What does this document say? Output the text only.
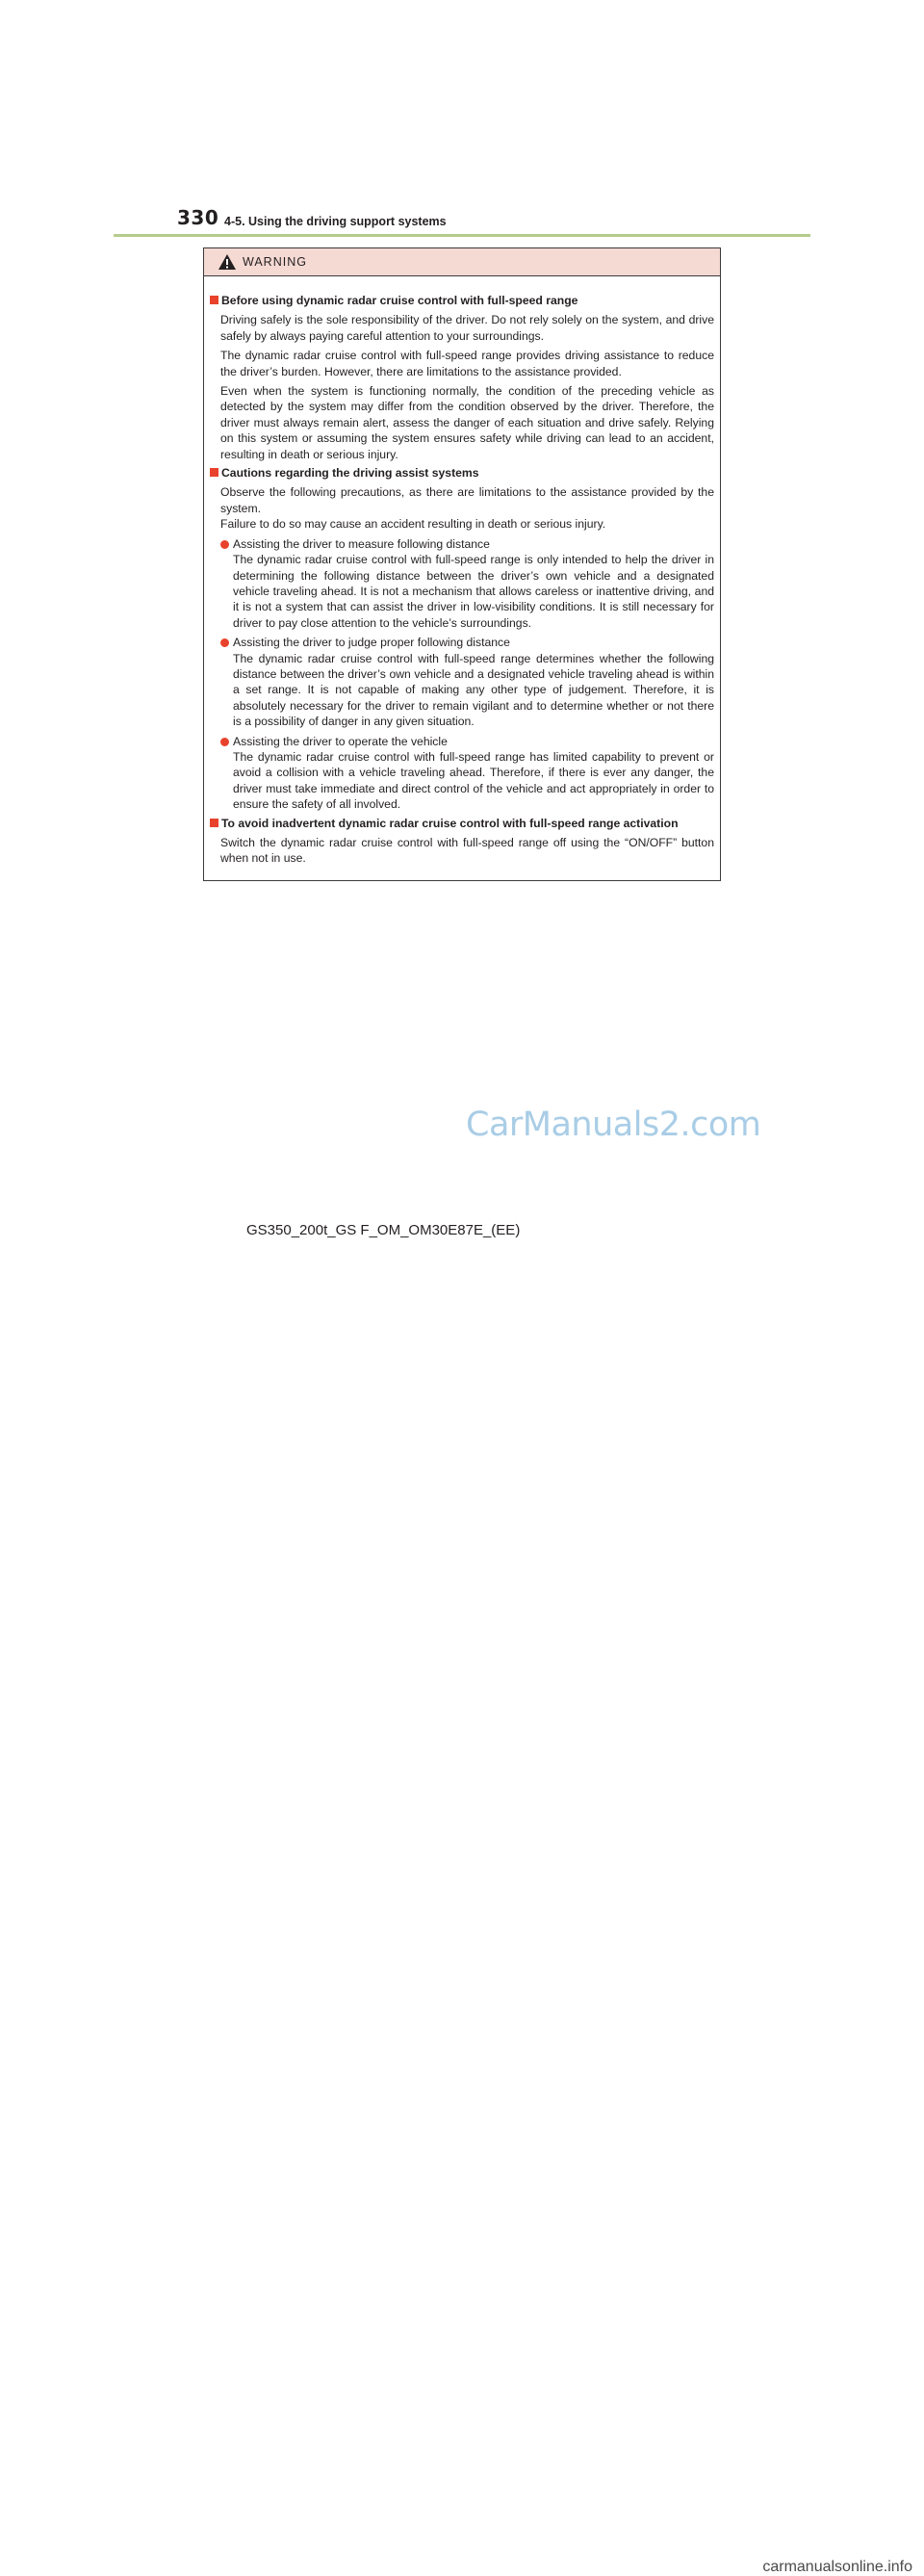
330 4-5. Using the driving support systems
WARNING
Before using dynamic radar cruise control with full-speed range
Driving safely is the sole responsibility of the driver. Do not rely solely on the system, and drive safely by always paying careful attention to your surroundings.
The dynamic radar cruise control with full-speed range provides driving assistance to reduce the driver’s burden. However, there are limitations to the assistance provided.
Even when the system is functioning normally, the condition of the preceding vehicle as detected by the system may differ from the condition observed by the driver. Therefore, the driver must always remain alert, assess the danger of each situation and drive safely. Relying on this system or assuming the system ensures safety while driving can lead to an accident, resulting in death or serious injury.
Cautions regarding the driving assist systems
Observe the following precautions, as there are limitations to the assistance provided by the system.
Failure to do so may cause an accident resulting in death or serious injury.
Assisting the driver to measure following distance
The dynamic radar cruise control with full-speed range is only intended to help the driver in determining the following distance between the driver’s own vehicle and a designated vehicle traveling ahead. It is not a mechanism that allows careless or inattentive driving, and it is not a system that can assist the driver in low-visibility conditions. It is still necessary for driver to pay close attention to the vehicle’s surroundings.
Assisting the driver to judge proper following distance
The dynamic radar cruise control with full-speed range determines whether the following distance between the driver’s own vehicle and a designated vehicle traveling ahead is within a set range. It is not capable of making any other type of judgement. Therefore, it is absolutely necessary for the driver to remain vigilant and to determine whether or not there is a possibility of danger in any given situation.
Assisting the driver to operate the vehicle
The dynamic radar cruise control with full-speed range has limited capability to prevent or avoid a collision with a vehicle traveling ahead. Therefore, if there is ever any danger, the driver must take immediate and direct control of the vehicle and act appropriately in order to ensure the safety of all involved.
To avoid inadvertent dynamic radar cruise control with full-speed range activation
Switch the dynamic radar cruise control with full-speed range off using the “ON/OFF” button when not in use.
CarManuals2.com
GS350_200t_GS F_OM_OM30E87E_(EE)
carmanualsonline.info
